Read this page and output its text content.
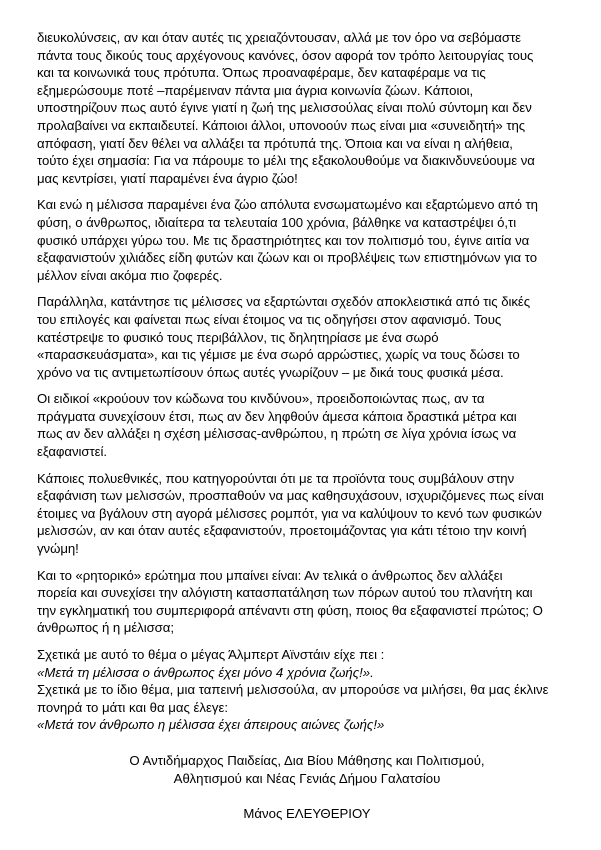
διευκολύνσεις, αν και όταν αυτές τις χρειαζόντουσαν, αλλά με τον όρο να σεβόμαστε
πάντα τους δικούς τους αρχέγονους κανόνες, όσον αφορά τον τρόπο λειτουργίας τους
και τα κοινωνικά τους πρότυπα. Όπως προαναφέραμε, δεν καταφέραμε να τις
εξημερώσουμε ποτέ –παρέμειναν πάντα μια άγρια κοινωνία ζώων. Κάποιοι,
υποστηρίζουν πως αυτό έγινε γιατί η ζωή της μελισσούλας είναι πολύ σύντομη και δεν
προλαβαίνει να εκπαιδευτεί. Κάποιοι άλλοι, υπονοούν πως είναι μια «συνειδητή» της
απόφαση, γιατί δεν θέλει να αλλάξει τα πρότυπά της. Όποια και να είναι η αλήθεια,
τούτο έχει σημασία: Για να πάρουμε το μέλι της εξακολουθούμε να διακινδυνεύουμε να
μας κεντρίσει, γιατί παραμένει ένα άγριο ζώο!

Και ενώ η μέλισσα παραμένει ένα ζώο απόλυτα ενσωματωμένο και εξαρτώμενο από τη
φύση, ο άνθρωπος, ιδιαίτερα τα τελευταία 100 χρόνια, βάλθηκε να καταστρέψει ό,τι
φυσικό υπάρχει γύρω του. Με τις δραστηριότητες και τον πολιτισμό του, έγινε αιτία να
εξαφανιστούν χιλιάδες είδη φυτών και ζώων και οι προβλέψεις των επιστημόνων για το
μέλλον είναι ακόμα πιο ζοφερές.

Παράλληλα, κατάντησε τις μέλισσες να εξαρτώνται σχεδόν αποκλειστικά από τις δικές
του επιλογές και φαίνεται πως είναι έτοιμος να τις οδηγήσει στον αφανισμό. Τους
κατέστρεψε το φυσικό τους περιβάλλον, τις δηλητηρίασε με ένα σωρό
«παρασκευάσματα», και τις γέμισε με ένα σωρό αρρώστιες, χωρίς να τους δώσει το
χρόνο να τις αντιμετωπίσουν όπως αυτές γνωρίζουν – με δικά τους φυσικά μέσα.

Οι ειδικοί «κρούουν τον κώδωνα του κινδύνου», προειδοποιώντας πως, αν τα
πράγματα συνεχίσουν έτσι, πως αν δεν ληφθούν άμεσα κάποια δραστικά μέτρα και
πως αν δεν αλλάξει η σχέση μέλισσας-ανθρώπου, η πρώτη σε λίγα χρόνια ίσως να
εξαφανιστεί.

Κάποιες πολυεθνικές, που κατηγορούνται ότι με τα προϊόντα τους συμβάλουν στην
εξαφάνιση των μελισσών, προσπαθούν να μας καθησυχάσουν, ισχυριζόμενες πως είναι
έτοιμες να βγάλουν στη αγορά μέλισσες ρομπότ, για να καλύψουν το κενό των φυσικών
μελισσών, αν και όταν αυτές εξαφανιστούν, προετοιμάζοντας για κάτι τέτοιο την κοινή
γνώμη!

Και το «ρητορικό» ερώτημα που μπαίνει είναι: Αν τελικά ο άνθρωπος δεν αλλάξει
πορεία και συνεχίσει την αλόγιστη κατασπατάληση των πόρων αυτού του πλανήτη και
την εγκληματική του συμπεριφορά απέναντι στη φύση, ποιος θα εξαφανιστεί πρώτος; Ο
άνθρωπος ή η μέλισσα;

Σχετικά με αυτό το θέμα ο μέγας Άλμπερτ Αϊνστάιν είχε πει :
«Μετά τη μέλισσα ο άνθρωπος έχει μόνο 4 χρόνια ζωής!».
Σχετικά με το ίδιο θέμα, μια ταπεινή μελισσούλα, αν μπορούσε να μιλήσει, θα μας έκλινε
πονηρά το μάτι και θα μας έλεγε:
«Μετά τον άνθρωπο η μέλισσα έχει άπειρους αιώνες ζωής!»
Ο Αντιδήμαρχος Παιδείας, Δια Βίου Μάθησης και Πολιτισμού,
Αθλητισμού και Νέας Γενιάς Δήμου Γαλατσίου
Μάνος ΕΛΕΥΘΕΡΙΟΥ
